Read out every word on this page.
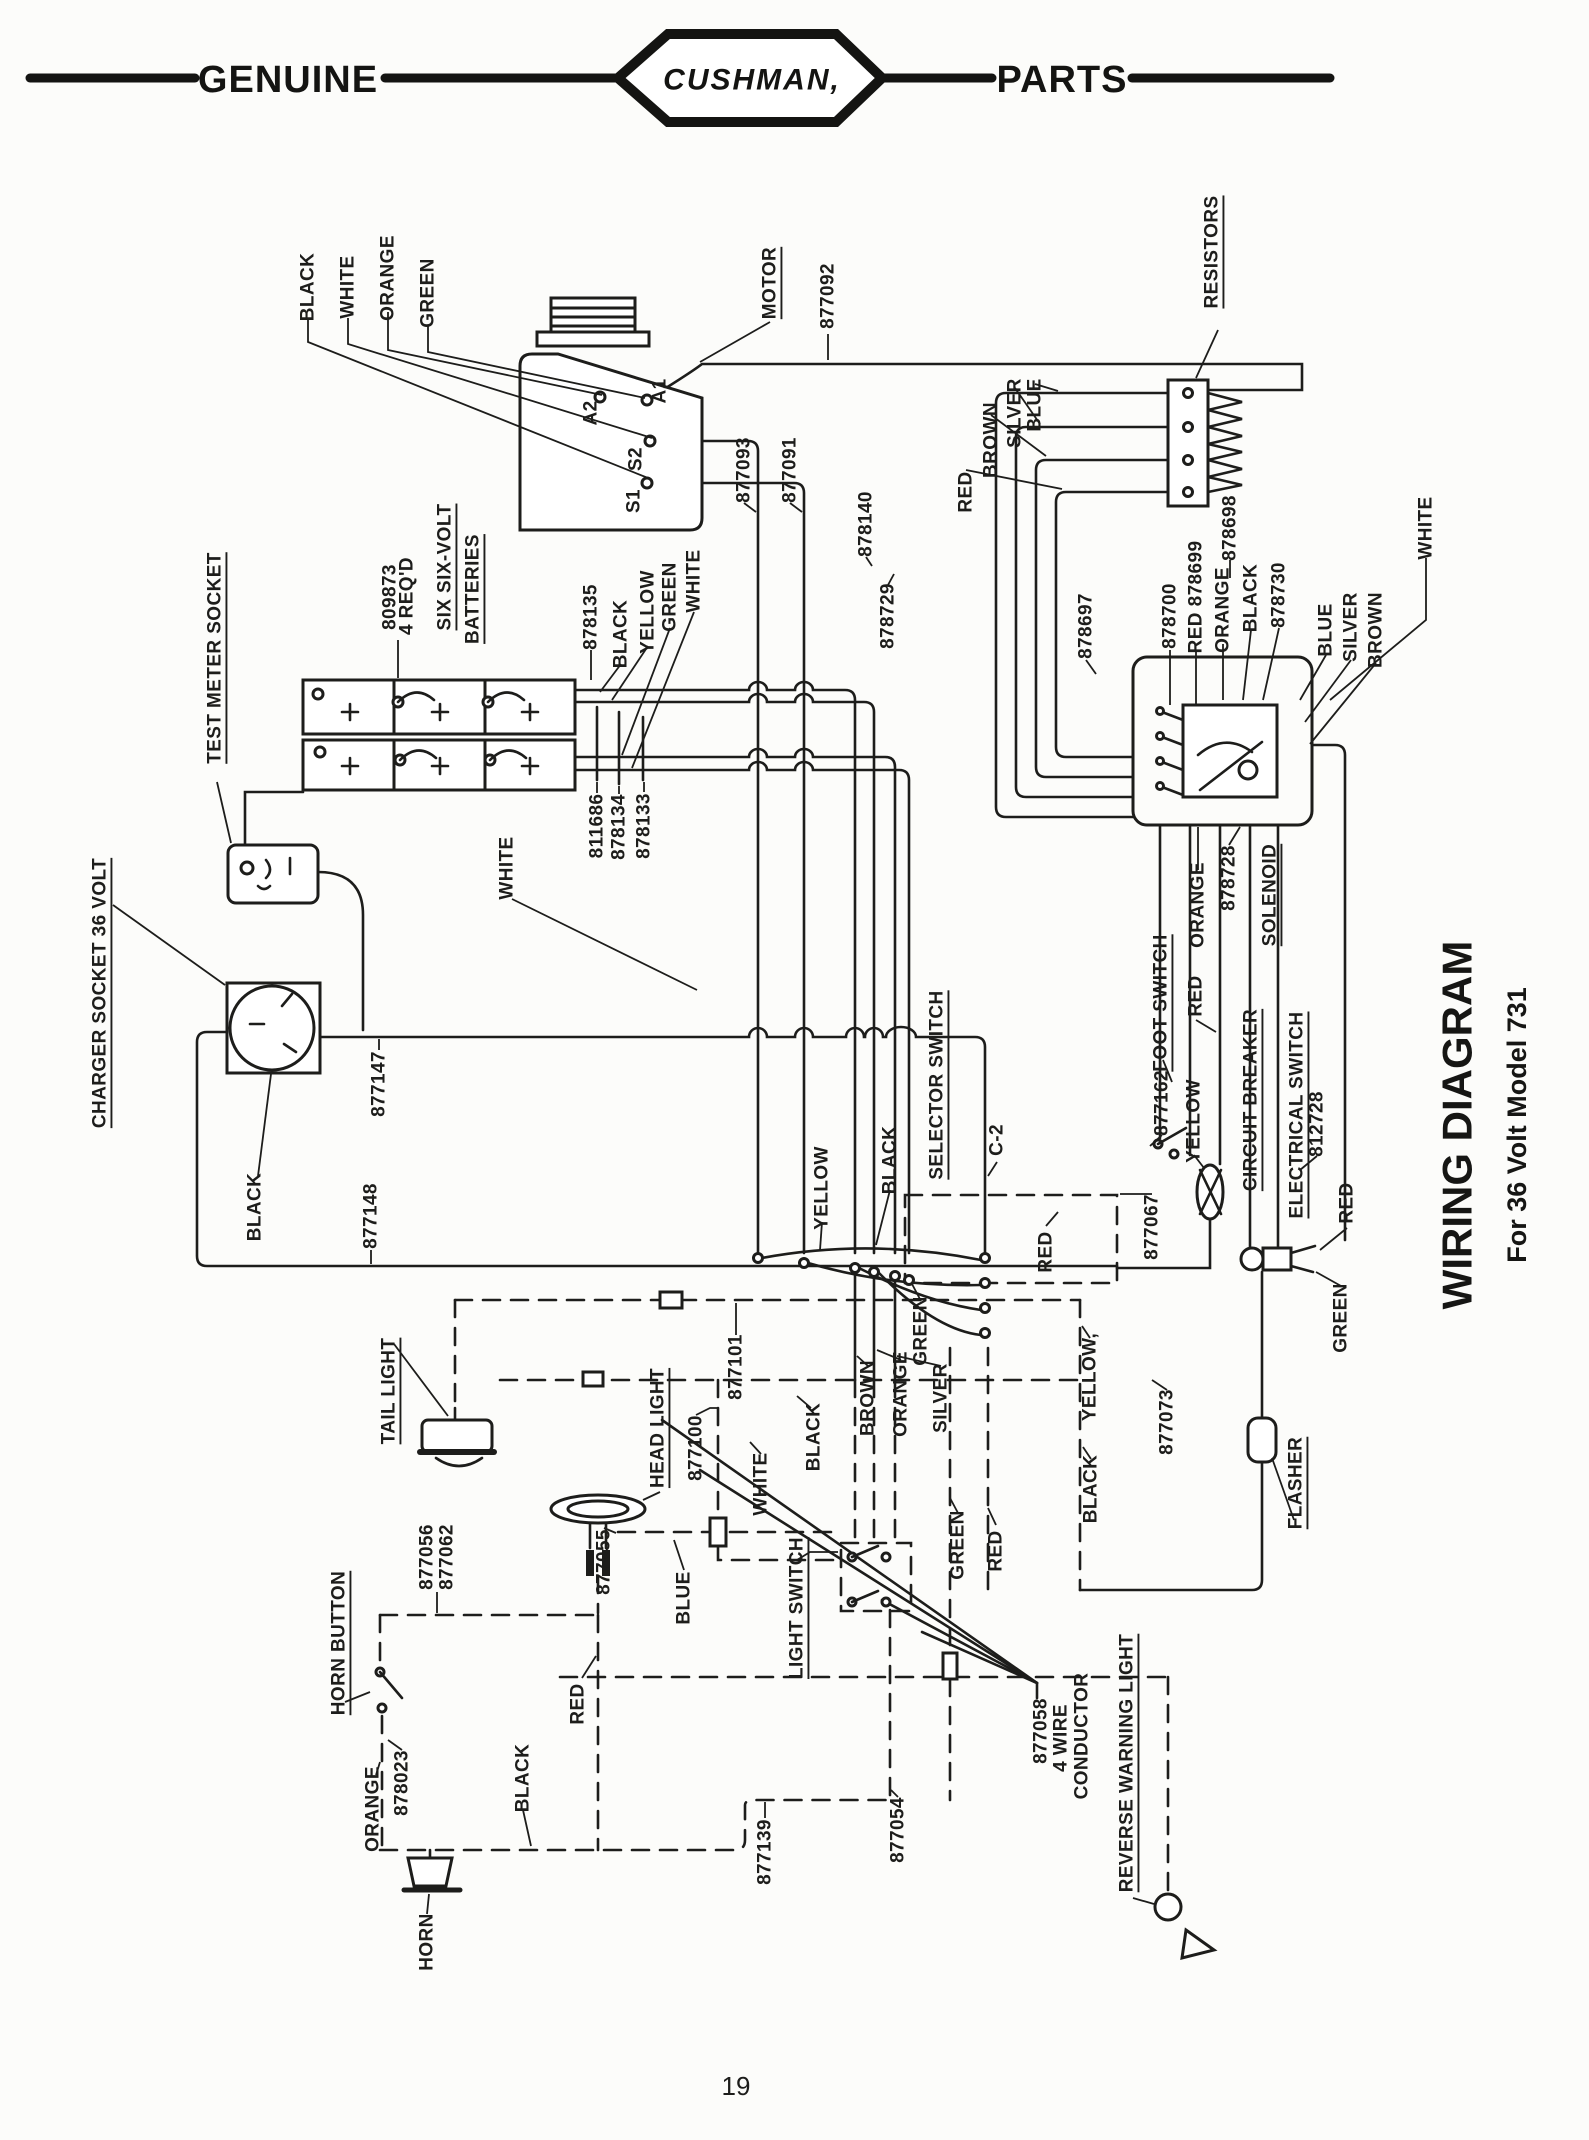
GENUINE	CUSHMAN,	PARTS
BLACK WHITE ORANGE GREEN	MOTOR 877092
A2
A1
S2
S1	877093 877091
878140
878729	878697
878698
RESISTORS
RED
BROWN SILVER BLUE
809873
4 REQ'D SIX SIX-VOLT BATTERIES	878135 BLACK YELLOW GREEN WHITE
811686 878134 878133
TEST METER SOCKET
CHARGER SOCKET 36 VOLT	877147
877148
BLACK
WHITE
YELLOW BLACK SELECTOR SWITCH C-2
GREEN
BROWN ORANGE SILVER
RED	877067
FOOT SWITCH
877162 YELLOW
RED
CIRCUIT BREAKER ELECTRICAL SWITCH 812728
RED
GREEN
ORANGE 878728 SOLENOID
878700 RED 878699 ORANGE BLACK 878730
BLUE SILVER BROWN
WHITE
YELLOW,
877073
BLACK	FLASHER
REVERSE WARNING LIGHT
TAIL LIGHT	HEAD LIGHT
877101
877100
877056 877062
WHITE
BLACK
LIGHT SWITCH
BLUE
877055
RED
GREEN RED
HORN BUTTON
ORANGE 878023	BLACK
HORN
877139	877054
877058 4 WIRE CONDUCTOR
WIRING DIAGRAM For 36 Volt Model 731
19
